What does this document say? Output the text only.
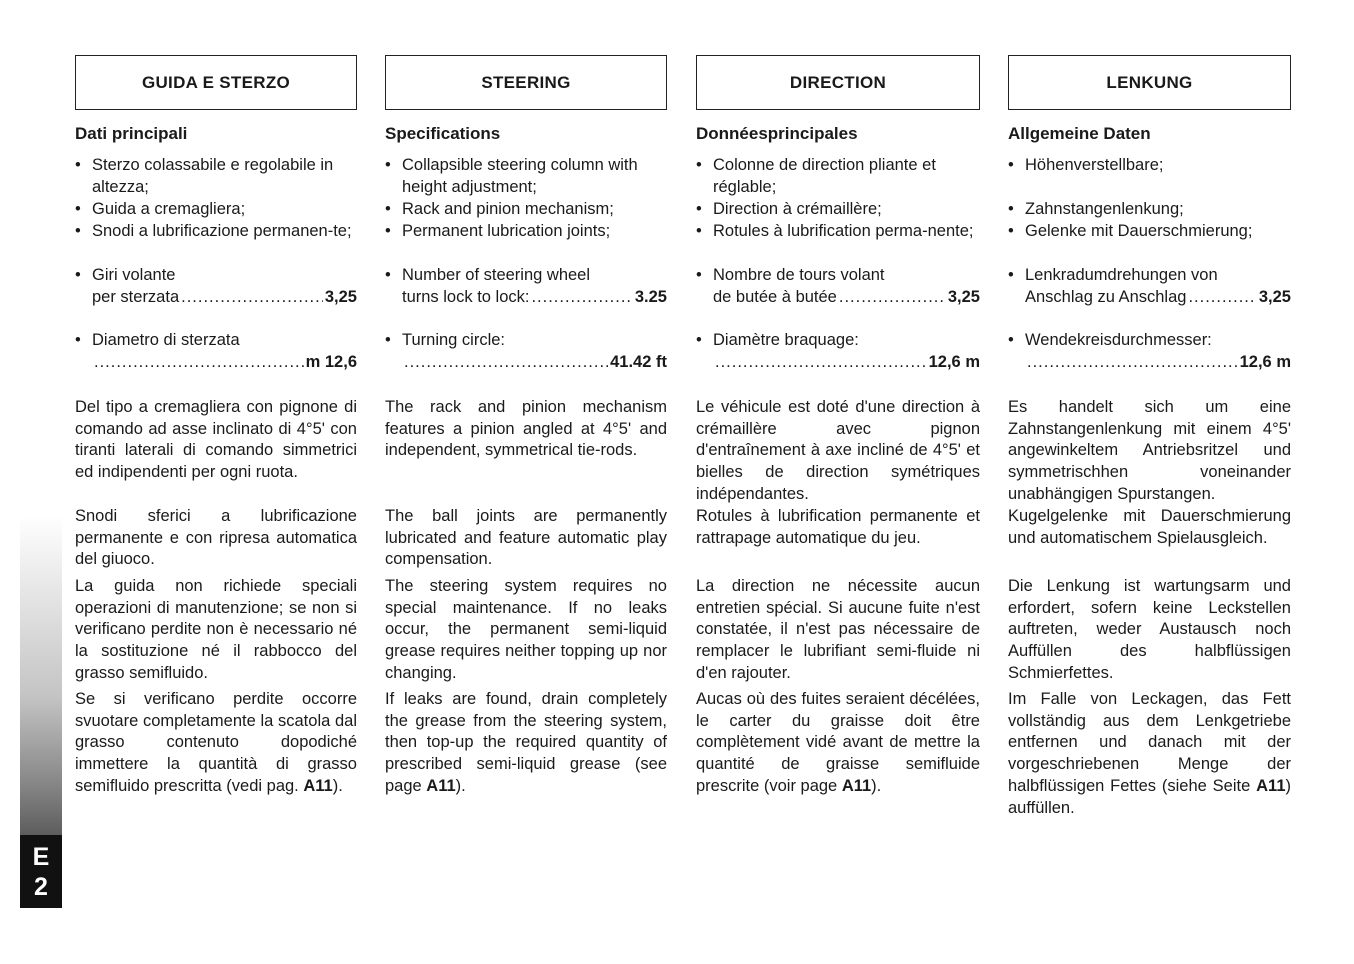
E
2
GUIDA E STERZO
Dati principali
• Sterzo colassabile e regolabile in altezza;
• Guida a cremagliera;
• Snodi a lubrificazione permanen-te;
• Giri volante
per sterzata .....	3,25
• Diametro di sterzata
.....
m 12,6

Del tipo a cremagliera con pignone di comando ad asse inclinato di 4°5' con tiranti laterali di comando simmetrici ed indipendenti per ogni ruota.

Snodi sferici a lubrificazione permanente e con ripresa automatica del giuoco.

La guida non richiede speciali operazioni di manutenzione; se non si verificano perdite non è necessario né la sostituzione né il rabbocco del grasso semifluido.

Se si verificano perdite occorre svuotare completamente la scatola dal grasso contenuto dopodiché immettere la quantità di grasso semifluido prescritta (vedi pag. A11).

STEERING
Specifications
• Collapsible steering column with height adjustment;
• Rack and pinion mechanism;
• Permanent lubrication joints;
• Number of steering wheel
turns lock to lock: .....	3.25
• Turning circle:
.....
41.42 ft

The rack and pinion mechanism features a pinion angled at 4°5' and independent, symmetrical tie-rods.

The ball joints are permanently lubricated and feature automatic play compensation.

The steering system requires no special maintenance. If no leaks occur, the permanent semi-liquid grease requires neither topping up nor changing.

If leaks are found, drain completely the grease from the steering system, then top-up the required quantity of prescribed semi-liquid grease (see page A11).

DIRECTION
Donnéesprincipales
• Colonne de direction pliante et réglable;
• Direction à crémaillère;
• Rotules à lubrification perma-nente;
• Nombre de tours volant
de butée à butée .....	3,25
• Diamètre braquage:
.....
12,6 m

Le véhicule est doté d'une direction à crémaillère avec pignon d'entraînement à axe incliné de 4°5' et bielles de direction symétriques indépendantes.

Rotules à lubrification permanente et rattrapage automatique du jeu.

La direction ne nécessite aucun entretien spécial. Si aucune fuite n'est constatée, il n'est pas nécessaire de remplacer le lubrifiant semi-fluide ni d'en rajouter.

Aucas où des fuites seraient décélées, le carter du graisse doit être complètement vidé avant de mettre la quantité de graisse semifluide prescrite (voir page A11).

LENKUNG
Allgemeine Daten
• Höhenverstellbare;
• Zahnstangenlenkung;
• Gelenke mit Dauerschmierung;
• Lenkradumdrehungen von
Anschlag zu Anschlag .....	3,25
• Wendekreisdurchmesser:
.....
12,6 m

Es handelt sich um eine Zahnstangenlenkung mit einem 4°5' angewinkeltem Antriebsritzel und symmetrischhen voneinander unabhängigen Spurstangen.

Kugelgelenke mit Dauerschmierung und automatischem Spielausgleich.

Die Lenkung ist wartungsarm und erfordert, sofern keine Leckstellen auftreten, weder Austausch noch Auffüllen des halbflüssigen Schmierfettes.

Im Falle von Leckagen, das Fett vollständig aus dem Lenkgetriebe entfernen und danach mit der vorgeschriebenen Menge der halbflüssigen Fettes (siehe Seite A11) auffüllen.
